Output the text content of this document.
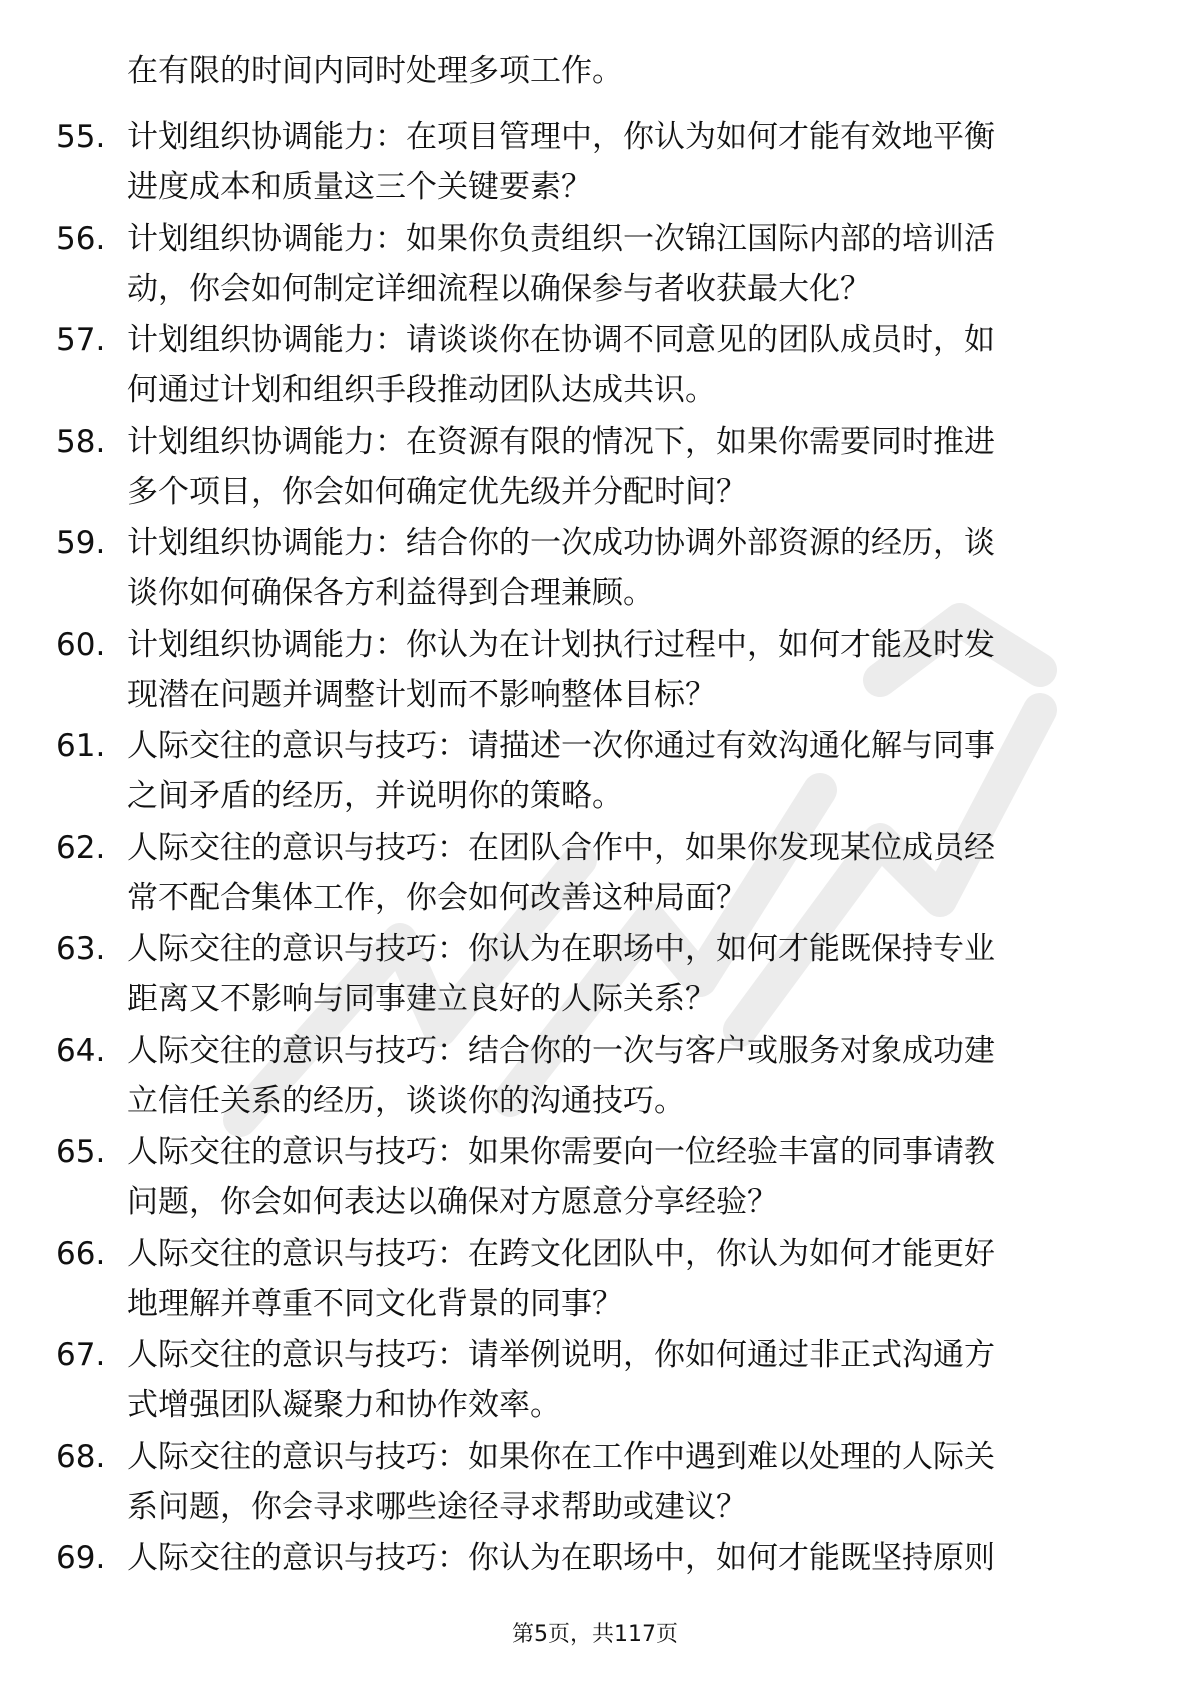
在有限的时间内同时处理多项工作。
55. 计划组织协调能力：在项目管理中，你认为如何才能有效地平衡
进度成本和质量这三个关键要素？
56. 计划组织协调能力：如果你负责组织一次锦江国际内部的培训活
动，你会如何制定详细流程以确保参与者收获最大化？
57. 计划组织协调能力：请谈谈你在协调不同意见的团队成员时，如
何通过计划和组织手段推动团队达成共识。
58. 计划组织协调能力：在资源有限的情况下，如果你需要同时推进
多个项目，你会如何确定优先级并分配时间？
59. 计划组织协调能力：结合你的一次成功协调外部资源的经历，谈
谈你如何确保各方利益得到合理兼顾。
60. 计划组织协调能力：你认为在计划执行过程中，如何才能及时发
现潜在问题并调整计划而不影响整体目标？
61. 人际交往的意识与技巧：请描述一次你通过有效沟通化解与同事
之间矛盾的经历，并说明你的策略。
62. 人际交往的意识与技巧：在团队合作中，如果你发现某位成员经
常不配合集体工作，你会如何改善这种局面？
63. 人际交往的意识与技巧：你认为在职场中，如何才能既保持专业
距离又不影响与同事建立良好的人际关系？
64. 人际交往的意识与技巧：结合你的一次与客户或服务对象成功建
立信任关系的经历，谈谈你的沟通技巧。
65. 人际交往的意识与技巧：如果你需要向一位经验丰富的同事请教
问题，你会如何表达以确保对方愿意分享经验？
66. 人际交往的意识与技巧：在跨文化团队中，你认为如何才能更好
地理解并尊重不同文化背景的同事？
67. 人际交往的意识与技巧：请举例说明，你如何通过非正式沟通方
式增强团队凝聚力和协作效率。
68. 人际交往的意识与技巧：如果你在工作中遇到难以处理的人际关
系问题，你会寻求哪些途径寻求帮助或建议？
69. 人际交往的意识与技巧：你认为在职场中，如何才能既坚持原则
第5页，共117页
